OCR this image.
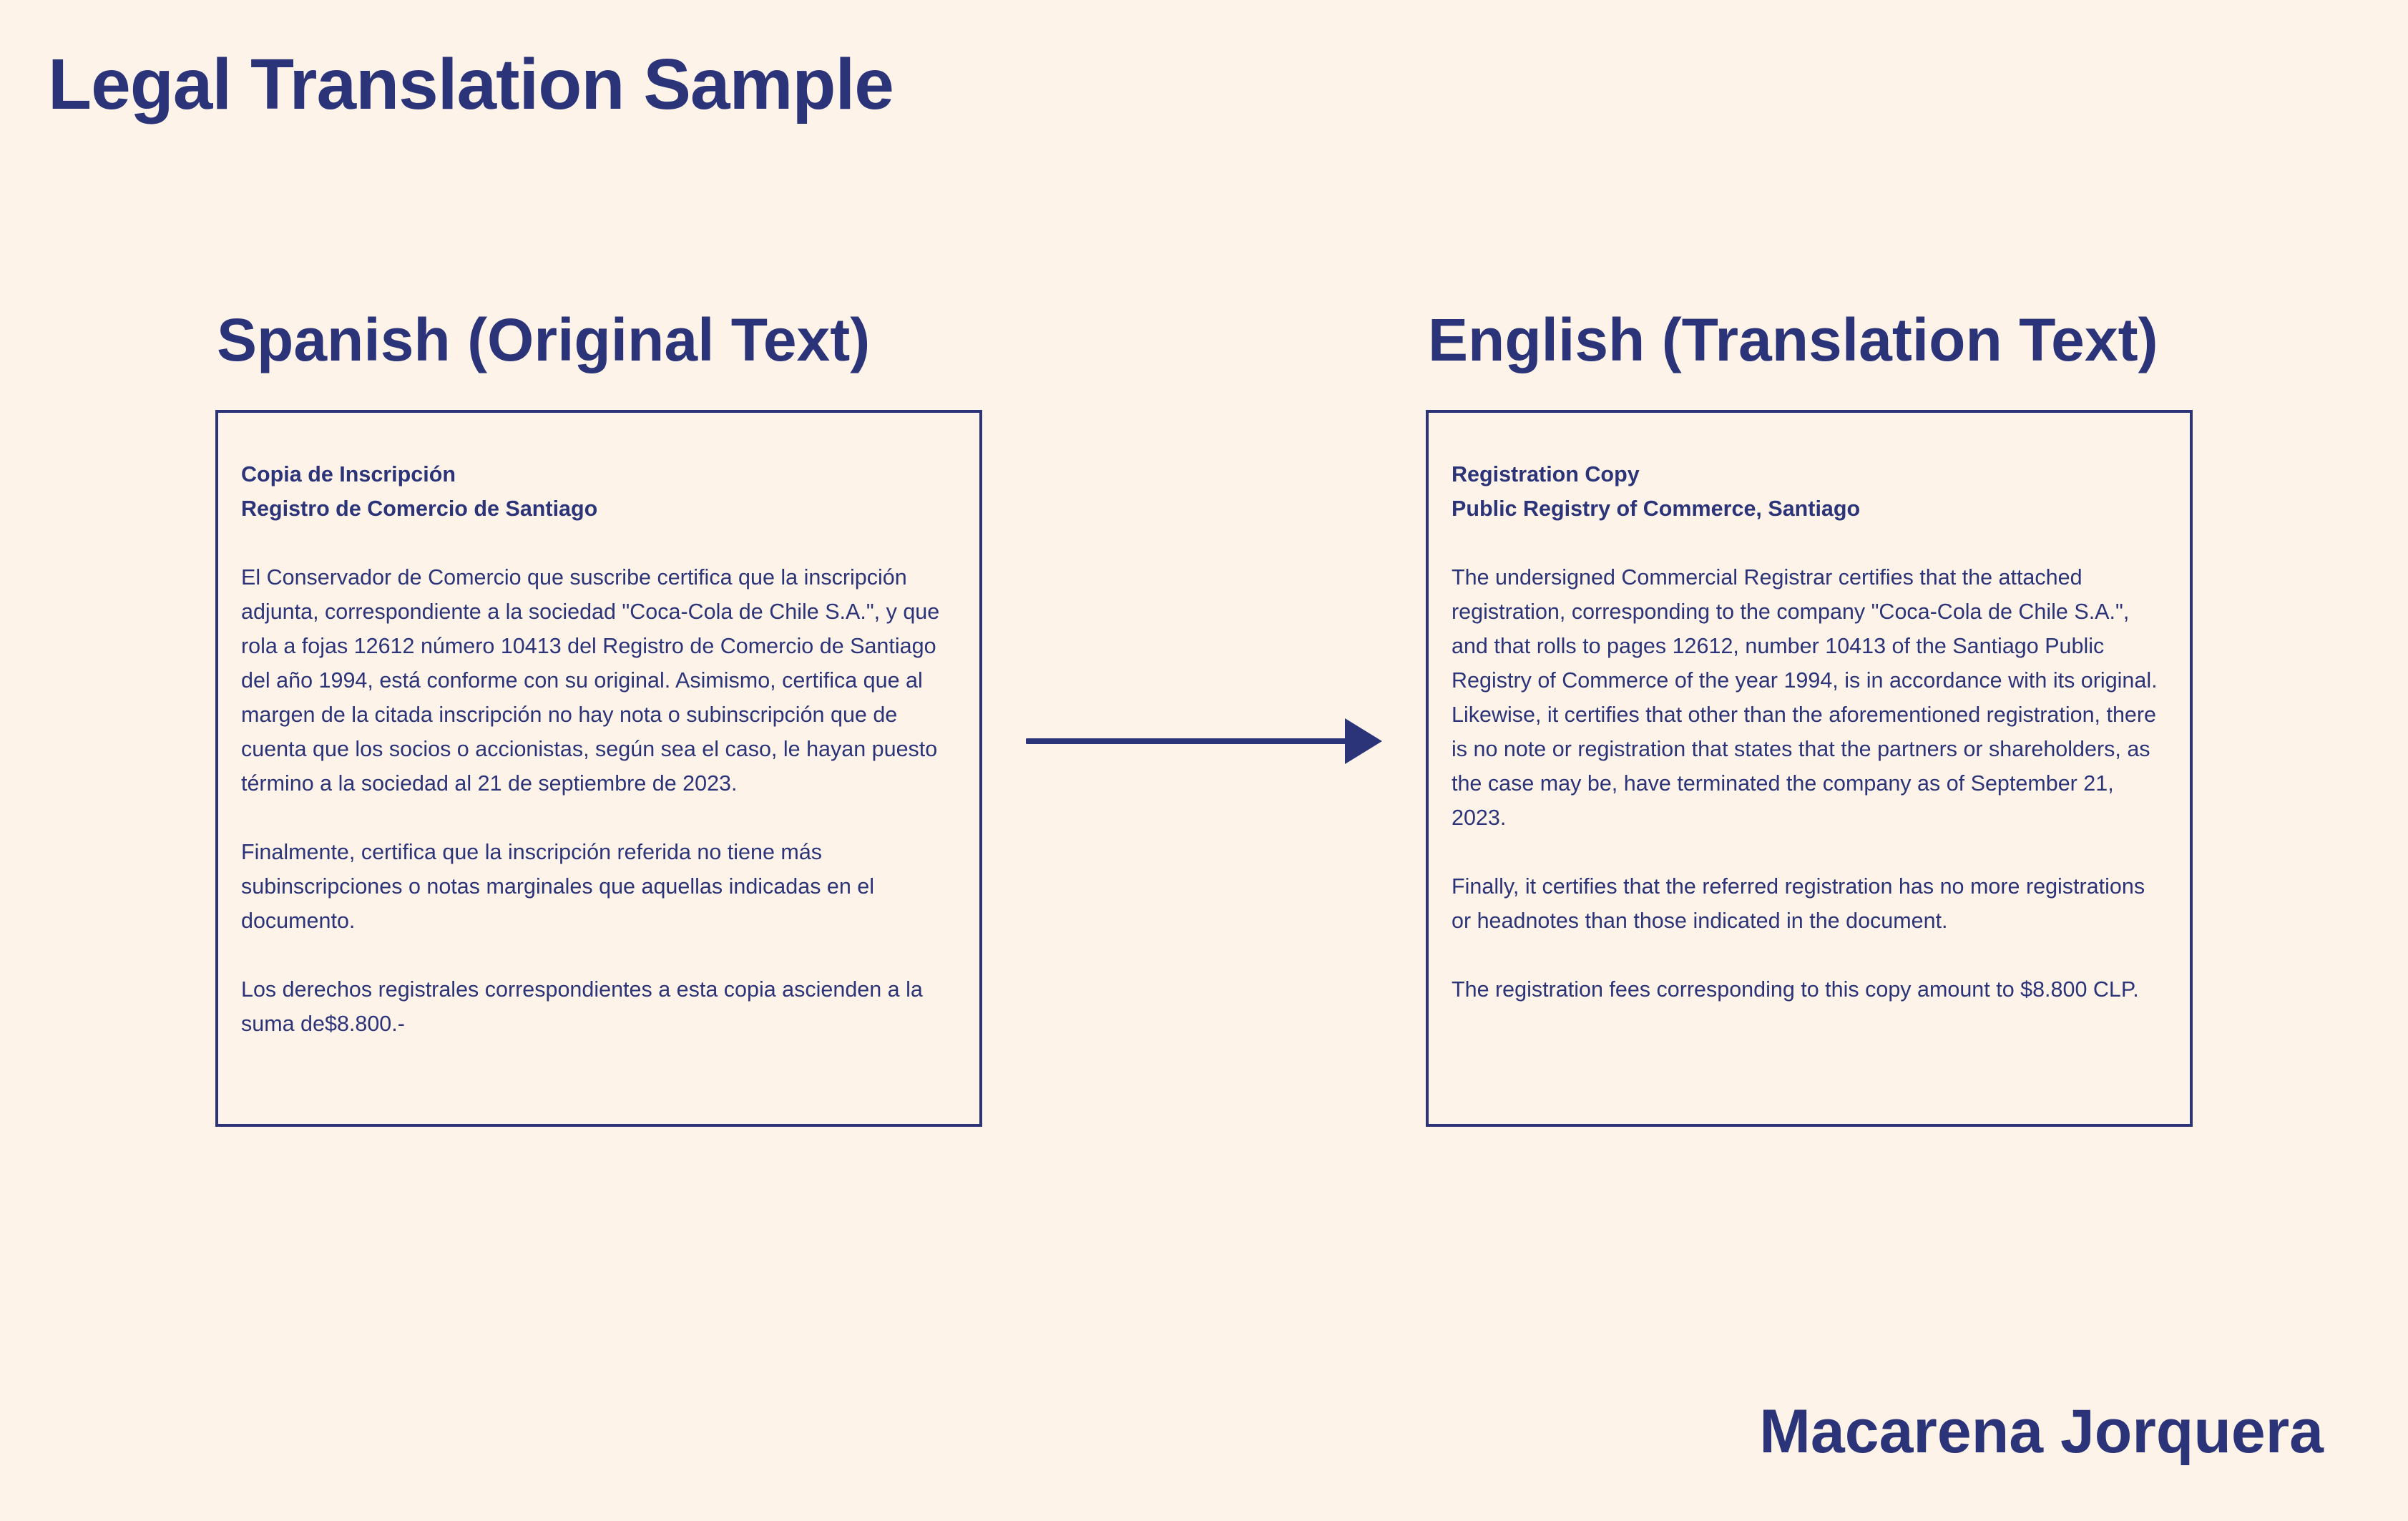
Legal Translation Sample
Spanish (Original Text)	English (Translation Text)
Copia de Inscripción
Registro de Comercio de Santiago

El Conservador de Comercio que suscribe certifica que la inscripción adjunta, correspondiente a la sociedad "Coca-Cola de Chile S.A.", y que rola a fojas 12612 número 10413 del Registro de Comercio de Santiago del año 1994, está conforme con su original. Asimismo, certifica que al margen de la citada inscripción no hay nota o subinscripción que de cuenta que los socios o accionistas, según sea el caso, le hayan puesto término a la sociedad al 21 de septiembre de 2023.

Finalmente, certifica que la inscripción referida no tiene más subinscripciones o notas marginales que aquellas indicadas en el documento.

Los derechos registrales correspondientes a esta copia ascienden a la suma de$8.800.-

Registration Copy
Public Registry of Commerce, Santiago

The undersigned Commercial Registrar certifies that the attached registration, corresponding to the company "Coca-Cola de Chile S.A.", and that rolls to pages 12612, number 10413 of the Santiago Public Registry of Commerce of the year 1994, is in accordance with its original. Likewise, it certifies that other than the aforementioned registration, there is no note or registration that states that the partners or shareholders, as the case may be, have terminated the company as of September 21, 2023.

Finally, it certifies that the referred registration has no more registrations or headnotes than those indicated in the document.

The registration fees corresponding to this copy amount to $8.800 CLP.

Macarena Jorquera
